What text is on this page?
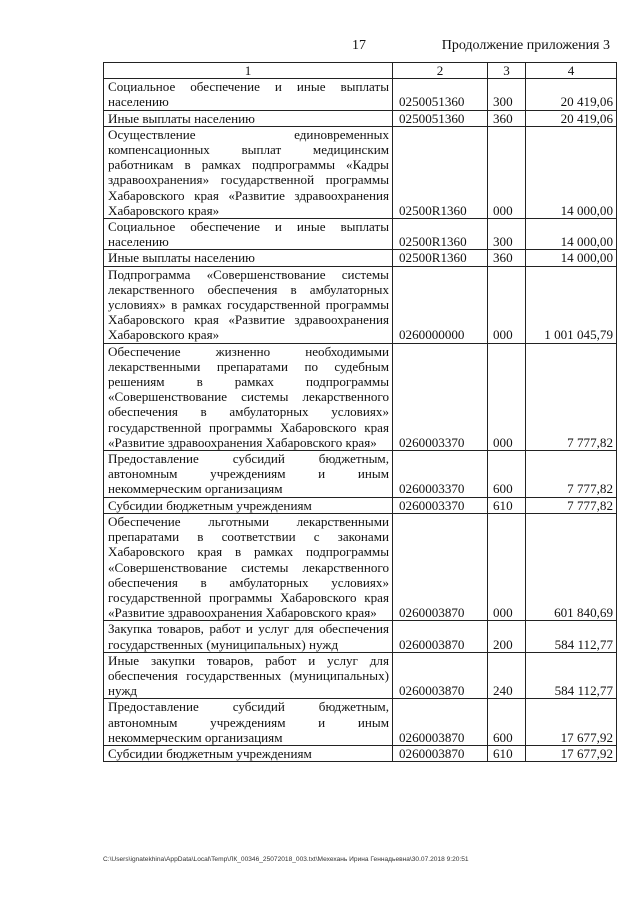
17	Продолжение приложения 3
1	2	3	4
Социальное обеспечение и иные выплаты населению	0250051360	300	20 419,06
Иные выплаты населению	0250051360	360	20 419,06
Осуществление единовременных компенсационных выплат медицинским работникам в рамках подпрограммы «Кадры здравоохранения» государственной программы Хабаровского края «Развитие здравоохранения Хабаровского края»	02500R1360	000	14 000,00
Социальное обеспечение и иные выплаты населению	02500R1360	300	14 000,00
Иные выплаты населению	02500R1360	360	14 000,00
Подпрограмма «Совершенствование системы лекарственного обеспечения в амбулаторных условиях» в рамках государственной программы Хабаровского края «Развитие здравоохранения Хабаровского края»	0260000000	000	1 001 045,79
Обеспечение жизненно необходимыми лекарственными препаратами по судебным решениям в рамках подпрограммы «Совершенствование системы лекарственного обеспечения в амбулаторных условиях» государственной программы Хабаровского края «Развитие здравоохранения Хабаровского края»	0260003370	000	7 777,82
Предоставление субсидий бюджетным, автономным учреждениям и иным некоммерческим организациям	0260003370	600	7 777,82
Субсидии бюджетным учреждениям	0260003370	610	7 777,82
Обеспечение льготными лекарственными препаратами в соответствии с законами Хабаровского края в рамках подпрограммы «Совершенствование системы лекарственного обеспечения в амбулаторных условиях» государственной программы Хабаровского края «Развитие здравоохранения Хабаровского края»	0260003870	000	601 840,69
Закупка товаров, работ и услуг для обеспечения государственных (муниципальных) нужд	0260003870	200	584 112,77
Иные закупки товаров, работ и услуг для обеспечения государственных (муниципальных) нужд	0260003870	240	584 112,77
Предоставление субсидий бюджетным, автономным учреждениям и иным некоммерческим организациям	0260003870	600	17 677,92
Субсидии бюджетным учреждениям	0260003870	610	17 677,92
C:\Users\ignatekhina\AppData\Local\Temp\ЛК_00346_25072018_003.txt\Мехехань Ирина Геннадьевна\30.07.2018 9:20:51
